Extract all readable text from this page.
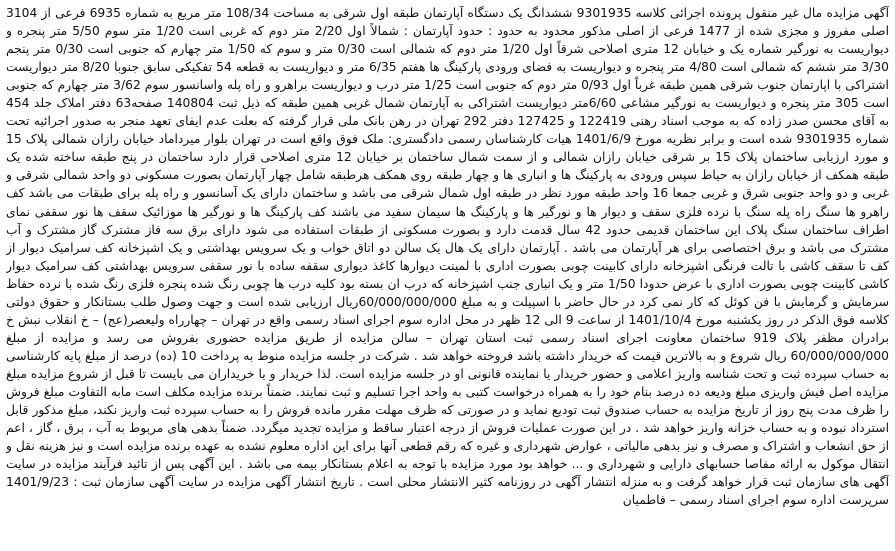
آگهی مزایده مال غیر منقول پرونده اجرائی کلاسه 9301935 ششدانگ یک دستگاه آپارتمان طبقه اول شرقی به مساحت 108/34 متر مربع به شماره 6935 فرعی از 3104 اصلی مفروز و مجزی شده از 1477 فرعی از اصلی مذکور محدود به حدود : حدود آپارتمان : شمالاً اول 2/20 متر دوم که غربی است 1/20 متر سوم 5/50 متر پنجره و دیواریست به نورگیر شماره یک و خیابان 12 متری اصلاحی شرقاً اول 1/20 متر دوم که شمالی است 0/30 متر و سوم که 1/50 متر چهارم که جنوبی است 0/30 متر پنجم 3/30 متر ششم که شمالی است 4/80 متر پنجره و دیواریست به فضای ورودی پارکینگ ها هفتم 6/35 متر و دیواریست به قطعه 54 تفکیکی سابق جنوبا 8/20 متر دیواریست اشتراکی با اپارتمان جنوب شرقی همین طبقه غرباً اول 0/93 متر دوم که جنوبی است 1/25 متر درب و دیواریست براهرو و راه پله واسانسور سوم 3/62 متر چهارم که جنوبی است 305 متر پنجره و دیواریست به نورگیر مشاعی 6/60متر دیواریست اشتراکی به آپارتمان شمال غربی همین طبقه که ذیل ثبت 140804 صفحه63 دفتر املاک جلد 454 به آقای محسن صدر زاده که به موجب اسناد رهنی 122419 و 127425 دفتر 292 تهران در رهن بانک ملی قرار گرفته که بعلت عدم ایفای تعهد منجر به صدور اجرائیه تحت شماره 9301935 شده است و برابر نظریه مورخ 1401/6/9 هیات کارشناسان رسمی دادگستری: ملک فوق واقع است در تهران بلوار میرداماد خیابان رازان شمالی پلاک 15 و مورد ارزیابی ساختمان پلاک 15 بر شرقی خیابان رازان شمالی و از سمت شمال ساختمان بر خیابان 12 متری اصلاحی قرار دارد ساختمان در پنج طبقه ساخته شده یک طبقه همکف از خیابان رازان به حیاط سپس ورودی به پارکینگ ها و انباری ها و چهار طبقه روی همکف هرطبقه شامل چهار آپارتمان بصورت مسکونی دو واحد شمالی شرقی و غربی و دو واحد جنوبی شرق و غربی جمعا 16 واحد طبقه مورد نظر در طبقه اول شمال شرقی می باشد و ساختمان دارای یک آسانسور و راه پله برای طبقات می باشد کف راهرو ها سنگ راه پله سنگ با نرده فلزی سقف و دیوار ها و نورگیر ها و پارکینگ ها سیمان سفید می باشند کف پارکینگ ها و نورگیر ها موزائیک سقف ها نور سقفی نمای اطراف ساختمان سنگ پلاک این ساختمان قدیمی حدود 42 سال قدمت دارد و بصورت مسکونی از طبقات استفاده می شود دارای برق سه فاز مشترک گاز مشترک و آب مشترک می باشد و برق اختصاصی برای هر آپارتمان می باشد . آپارتمان دارای یک هال یک سالن دو اتاق خواب و یک سرویس بهداشتی و یک اشپزخانه کف سرامیک دیوار از کف تا سقف کاشی با تالت فرنگی اشپزخانه دارای کابینت چوبی بصورت اداری با لمینت دیوارها کاغذ دیواری سقفه ساده با نور سقفی سرویس بهداشتی کف سرامیک دیوار کاشی کابینت چوبی بصورت اداری با عرض حدودا 1/50 متر و یک انباری جنب اشپزخانه که درب ان بسته بود کلیه درب ها چوبی رنگ شده پنجره فلزی رنگ شده با نرده حفاظ سرمایش و گرمایش با فن کوئل که کار نمی کرد در حال حاضر با اسپیلت و به مبلغ 60/000/000/000ریال ارزیابی شده است و جهت وصول طلب بستانکار و حقوق دولتی کلاسه فوق الذکر در روز یکشنبه مورخ 1401/10/4 از ساعت 9 الی 12 ظهر در محل اداره سوم اجرای اسناد رسمی واقع در تهران – چهارراه ولیعصر(عج) – خ انقلاب نبش خ برادران مظفر پلاک 919 ساختمان معاونت اجرای اسناد رسمی ثبت استان تهران – سالن مزایده از طریق مزایده حضوری بفروش می رسد و مزایده از مبلغ 60/000/000/000 ریال شروع و به بالاترین قیمت که خریدار داشته باشد فروخته خواهد شد . شرکت در جلسه مزایده منوط به پرداخت 10 (ده) درصد از مبلغ پایه کارشناسی به حساب سپرده ثبت و تحت شناسه واریز اعلامی و حضور خریدار یا نماینده قانونی او در جلسه مزایده است. لذا خریدار و یا خریداران می بایست تا قبل از شروع مزایده مبلغ مزایده اصل فیش واریزی مبلغ ودیعه ده درصد بنام خود را به همراه درخواست کتبی به واحد اجرا تسلیم و ثبت نمایند. ضمناً برنده مزایده مکلف است مابه التفاوت مبلغ فروش را ظرف مدت پنج روز از تاریخ مزایده به حساب صندوق ثبت تودیع نماید و در صورتی که ظرف مهلت مقرر مانده فروش را به حساب سپرده ثبت واریز نکند، مبلغ مذکور قابل استرداد نبوده و به حساب خزانه واریز خواهد شد . در این صورت عملیات فروش از درجه اعتبار ساقط و مزایده تجدید میگردد. ضمناً بدهی های مربوط به آب ، برق ، گاز ، اعم از حق انشعاب و اشتراک و مصرف و نیز بدهی مالیاتی ، عوارض شهرداری و غیره که رقم قطعی آنها برای این اداره معلوم نشده به عهده برنده مزایده است و نیز هزینه نقل و انتقال موکول به ارائه مفاصا حسابهای دارایی و شهرداری و ... خواهد بود مورد مزایده با توجه به اعلام بستانکار بیمه می باشد . این آگهی پس از تائید فرآیند مزایده در سایت آگهی های سازمان ثبت قرار خواهد گرفت و به منزله انتشار آگهی در روزنامه کثیر الانتشار محلی است . تاریخ انتشار آگهی مزایده در سایت آگهی سازمان ثبت : 1401/9/23 سرپرست اداره سوم اجرای اسناد رسمی – فاطمیان
